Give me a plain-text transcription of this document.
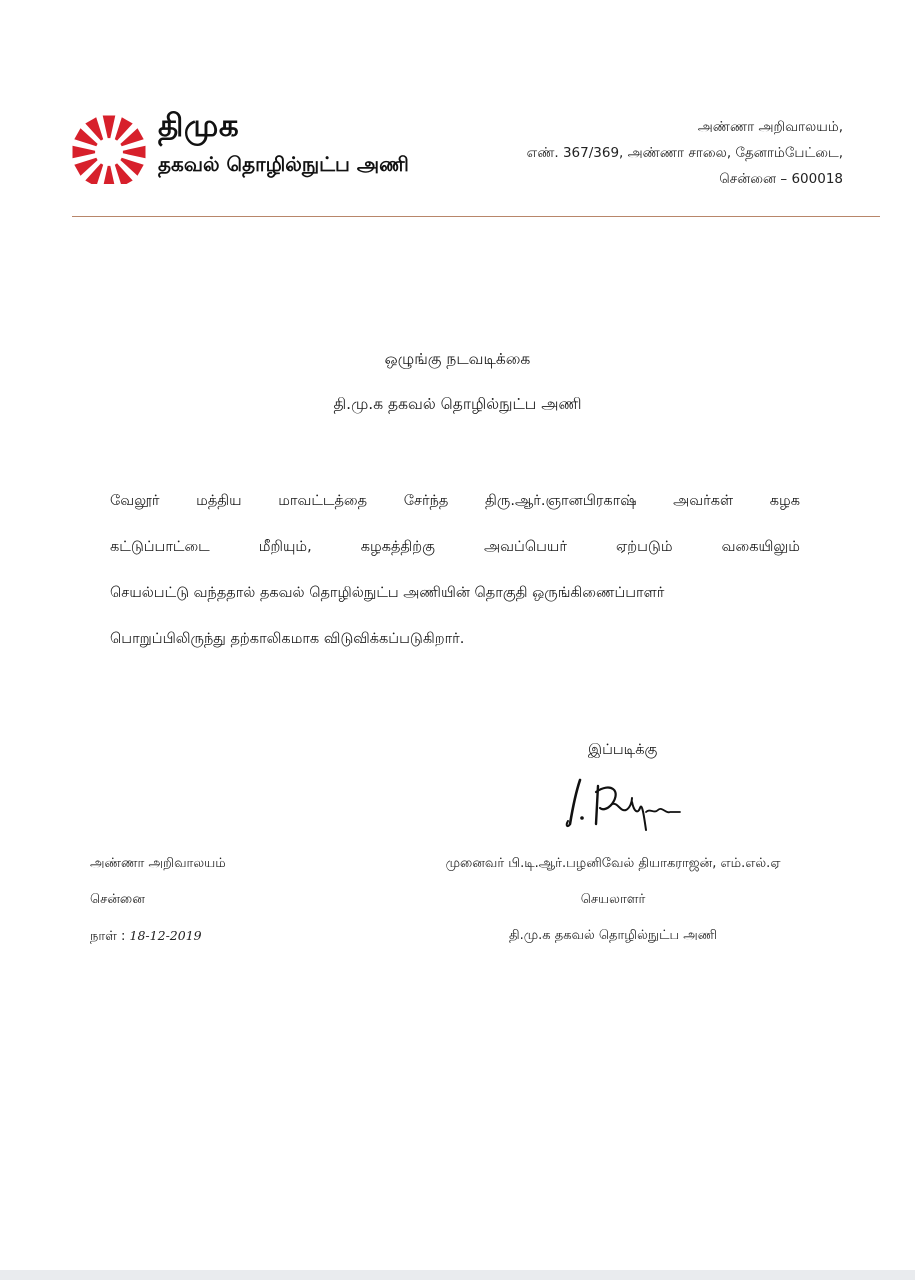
திமுக
தகவல் தொழில்நுட்ப அணி
அண்ணா அறிவாலயம்,
எண். 367/369, அண்ணா சாலை, தேனாம்பேட்டை,
சென்னை – 600018
ஒழுங்கு நடவடிக்கை
தி.மு.க தகவல் தொழில்நுட்ப அணி
வேலூர்	மத்திய	மாவட்டத்தை	சேர்ந்த	திரு.ஆர்.ஞானபிரகாஷ்	அவர்கள்	கழக
கட்டுப்பாட்டை	மீறியும்,	கழகத்திற்கு	அவப்பெயர்	ஏற்படும்	வகையிலும்
செயல்பட்டு வந்ததால் தகவல் தொழில்நுட்ப அணியின் தொகுதி ஒருங்கிணைப்பாளர்
பொறுப்பிலிருந்து தற்காலிகமாக விடுவிக்கப்படுகிறார்.
இப்படிக்கு
அண்ணா அறிவாலயம்
சென்னை
நாள் : 18-12-2019
முனைவர் பி.டி.ஆர்.பழனிவேல் தியாகராஜன், எம்.எல்.ஏ
செயலாளர்
தி.மு.க தகவல் தொழில்நுட்ப அணி
